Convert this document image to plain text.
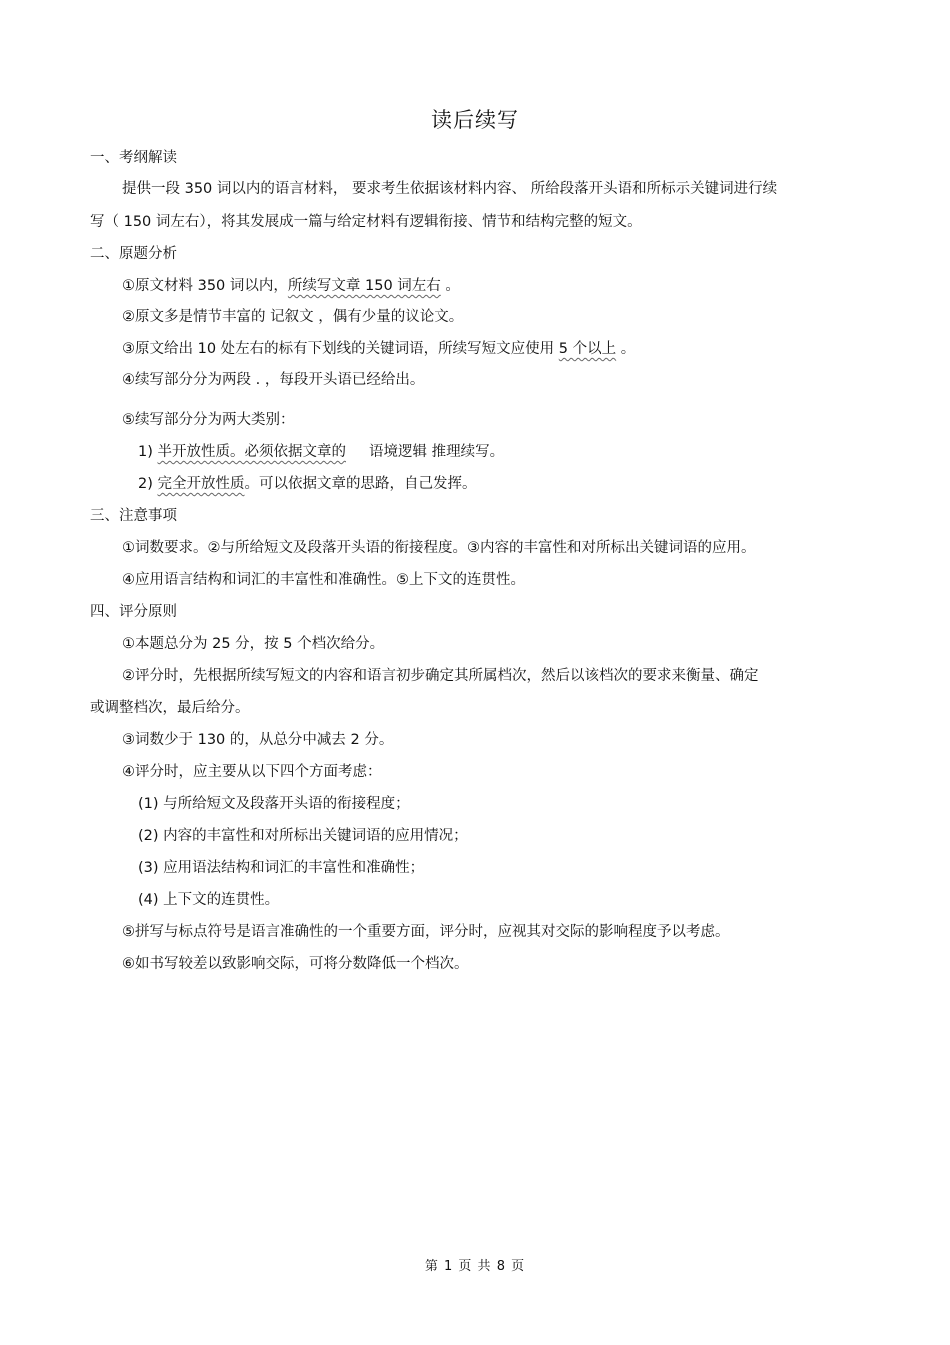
读后续写
一、考纲解读
提供一段 350 词以内的语言材料， 要求考生依据该材料内容、 所给段落开头语和所标示关键词进行续
写（ 150 词左右），将其发展成一篇与给定材料有逻辑衔接、情节和结构完整的短文。
二、原题分析
①原文材料 350 词以内，所续写文章 150 词左右 。
②原文多是情节丰富的 记叙文 ，偶有少量的议论文。
③原文给出 10 处左右的标有下划线的关键词语，所续写短文应使用 5 个以上 。
④续写部分分为两段 . ，每段开头语已经给出。
⑤续写部分分为两大类别：
1) 半开放性质。必须依据文章的 语境逻辑 推理续写。
2) 完全开放性质。可以依据文章的思路，自己发挥。
三、注意事项
①词数要求。②与所给短文及段落开头语的衔接程度。③内容的丰富性和对所标出关键词语的应用。
④应用语言结构和词汇的丰富性和准确性。⑤上下文的连贯性。
四、评分原则
①本题总分为 25 分，按 5 个档次给分。
②评分时，先根据所续写短文的内容和语言初步确定其所属档次，然后以该档次的要求来衡量、确定
或调整档次，最后给分。
③词数少于 130 的，从总分中减去 2 分。
④评分时，应主要从以下四个方面考虑：
(1) 与所给短文及段落开头语的衔接程度；
(2) 内容的丰富性和对所标出关键词语的应用情况；
(3) 应用语法结构和词汇的丰富性和准确性；
(4) 上下文的连贯性。
⑤拼写与标点符号是语言准确性的一个重要方面，评分时，应视其对交际的影响程度予以考虑。
⑥如书写较差以致影响交际，可将分数降低一个档次。
第 1 页 共 8 页
